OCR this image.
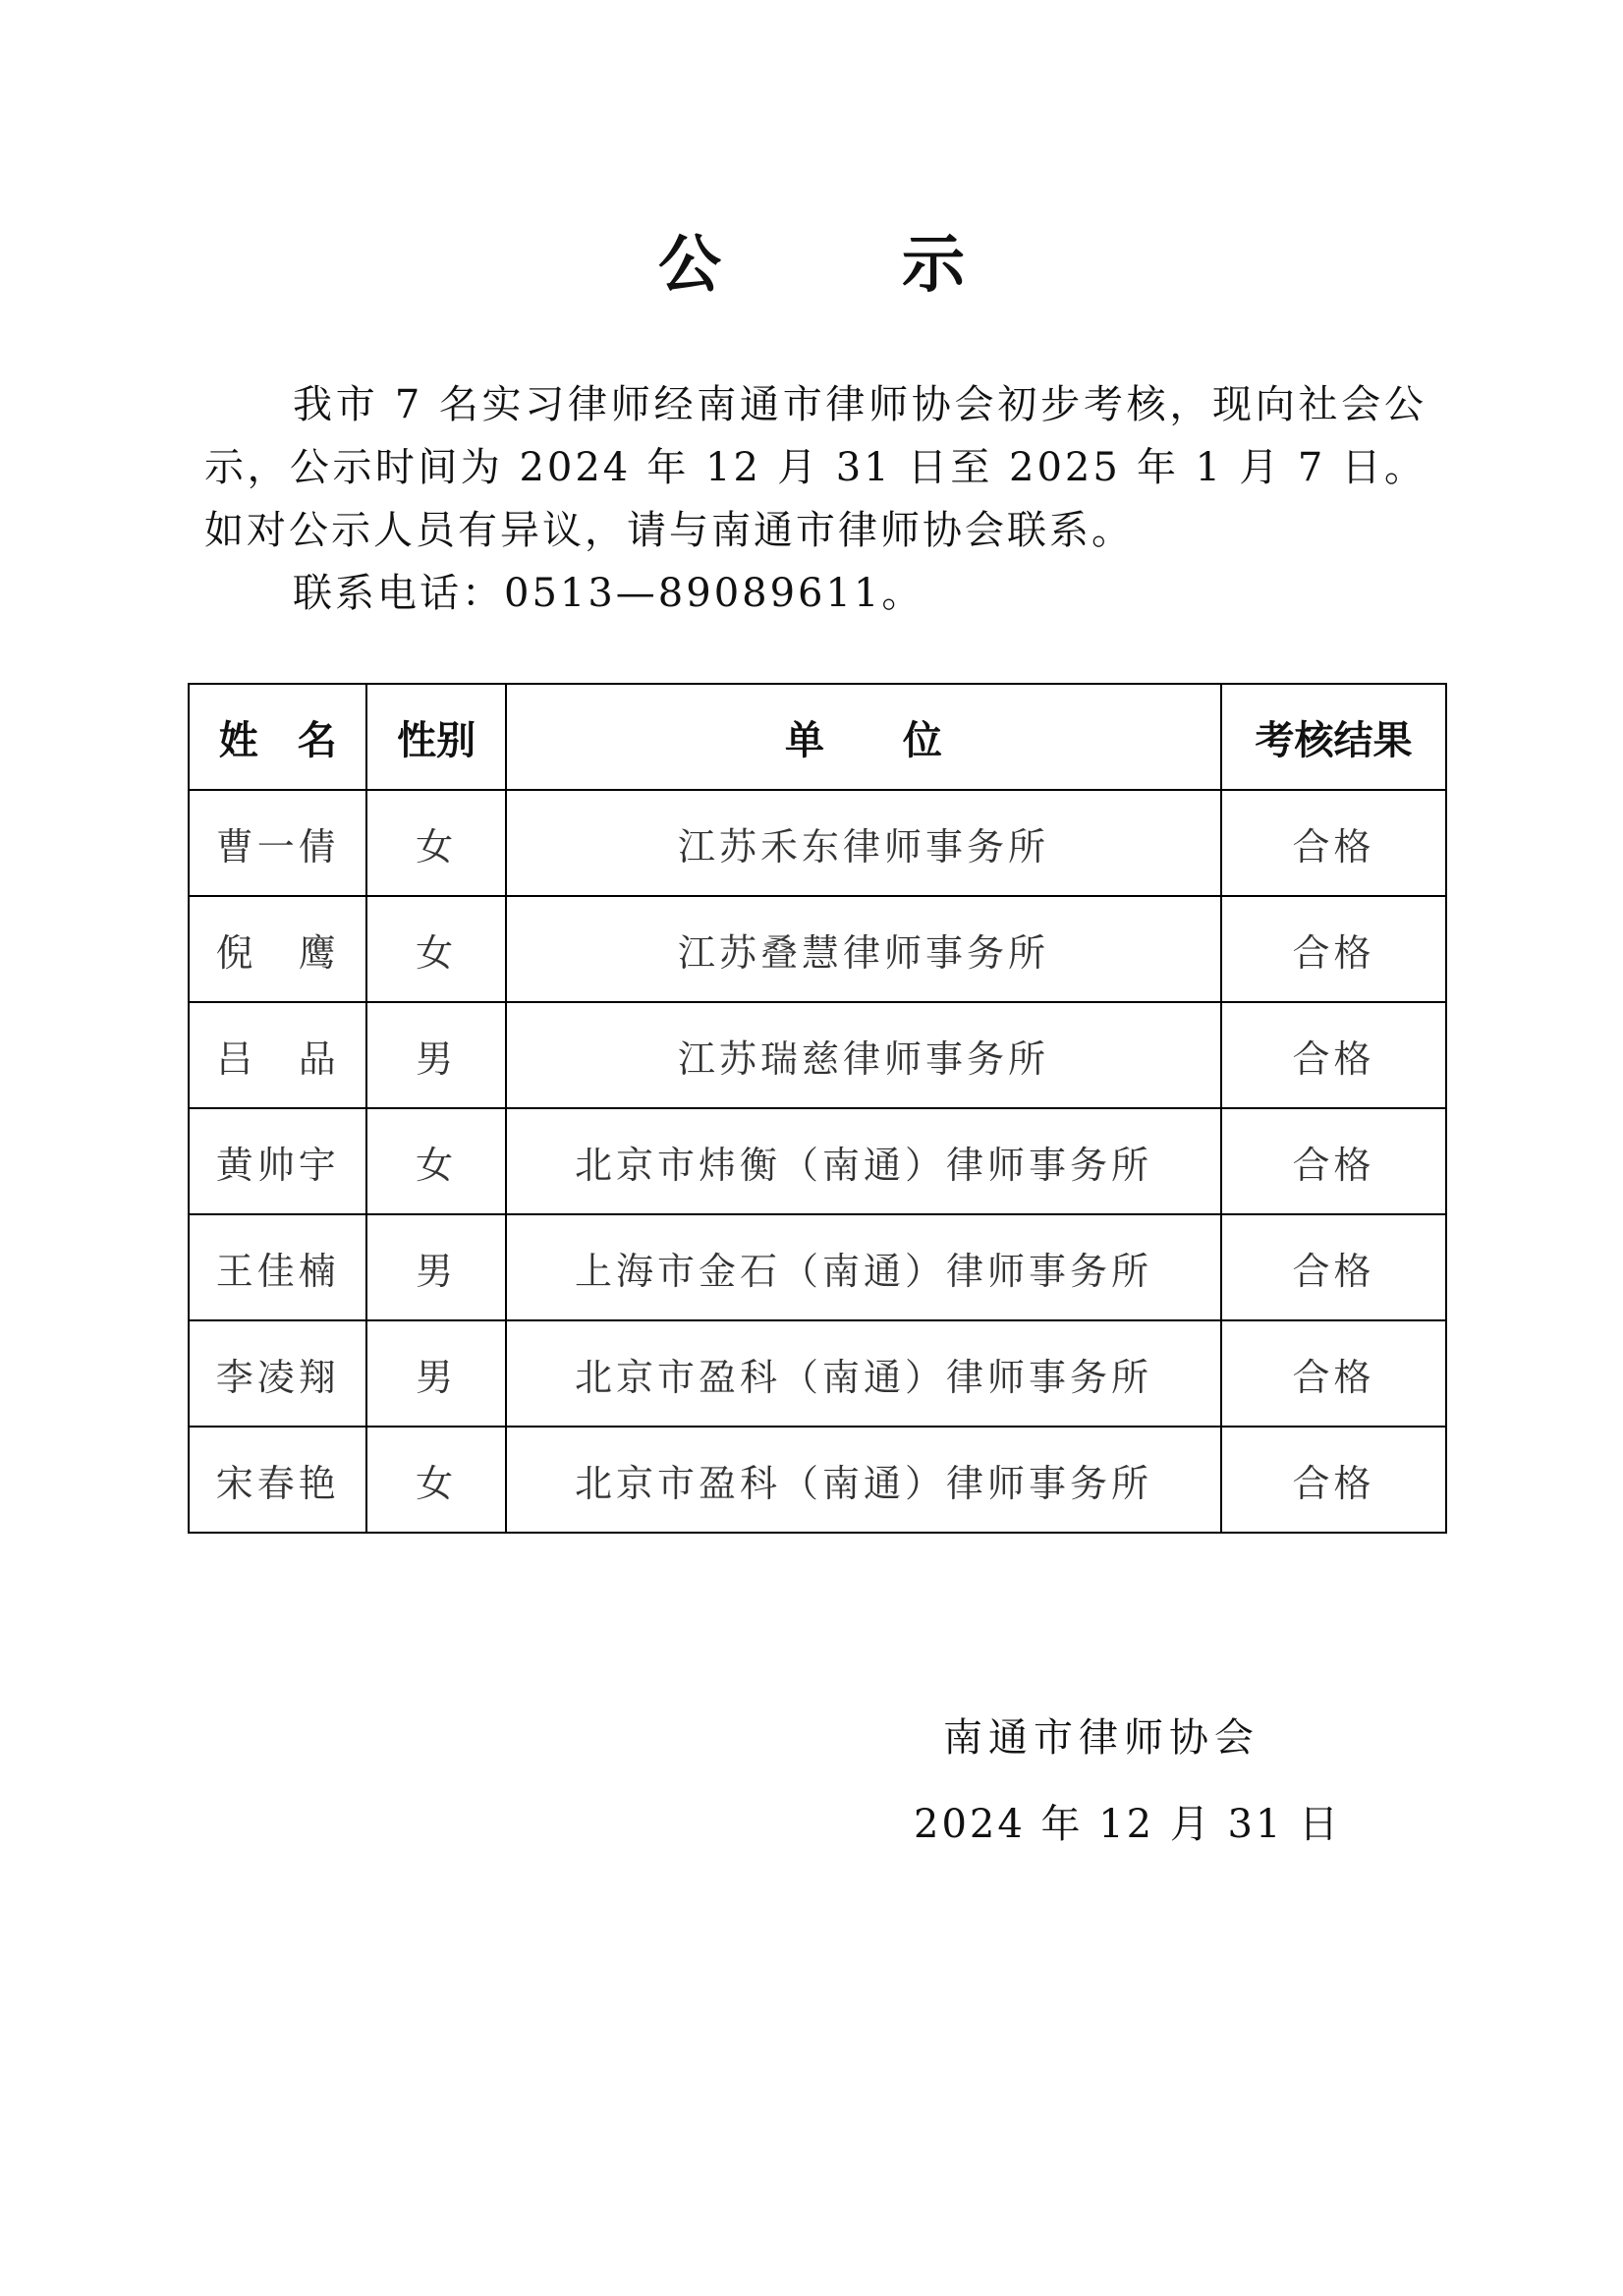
公　示

我市 7 名实习律师经南通市律师协会初步考核，现向社会公示，公示时间为 2024 年 12 月 31 日至 2025 年 1 月 7 日。如对公示人员有异议，请与南通市律师协会联系。

联系电话：0513—89089611。

姓　名	性别	单　　位	考核结果
曹一倩	女	江苏禾东律师事务所	合格
倪　鹰	女	江苏叠慧律师事务所	合格
吕　品	男	江苏瑞慈律师事务所	合格
黄帅宇	女	北京市炜衡（南通）律师事务所	合格
王佳楠	男	上海市金石（南通）律师事务所	合格
李凌翔	男	北京市盈科（南通）律师事务所	合格
宋春艳	女	北京市盈科（南通）律师事务所	合格
南通市律师协会
2024 年 12 月 31 日
